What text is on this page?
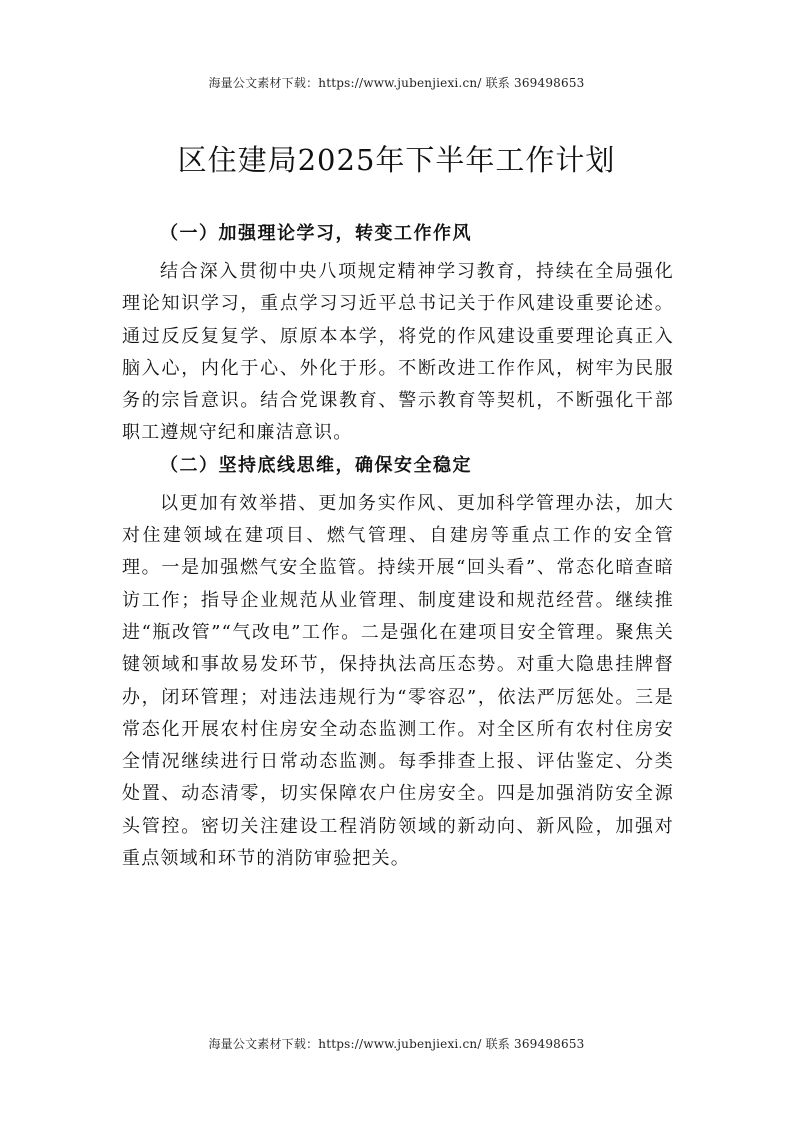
海量公文素材下载：https://www.jubenjiexi.cn/ 联系 369498653
区住建局2025年下半年工作计划

（一）加强理论学习，转变工作作风

结合深入贯彻中央八项规定精神学习教育，持续在全局强化理论知识学习，重点学习习近平总书记关于作风建设重要论述。通过反反复复学、原原本本学，将党的作风建设重要理论真正入脑入心，内化于心、外化于形。不断改进工作作风，树牢为民服务的宗旨意识。结合党课教育、警示教育等契机，不断强化干部职工遵规守纪和廉洁意识。

（二）坚持底线思维，确保安全稳定

以更加有效举措、更加务实作风、更加科学管理办法，加大对住建领域在建项目、燃气管理、自建房等重点工作的安全管理。一是加强燃气安全监管。持续开展“回头看”、常态化暗查暗访工作；指导企业规范从业管理、制度建设和规范经营。继续推进“瓶改管”“气改电”工作。二是强化在建项目安全管理。聚焦关键领域和事故易发环节，保持执法高压态势。对重大隐患挂牌督办，闭环管理；对违法违规行为“零容忍”，依法严厉惩处。三是常态化开展农村住房安全动态监测工作。对全区所有农村住房安全情况继续进行日常动态监测。每季排查上报、评估鉴定、分类处置、动态清零，切实保障农户住房安全。四是加强消防安全源头管控。密切关注建设工程消防领域的新动向、新风险，加强对重点领域和环节的消防审验把关。

海量公文素材下载：https://www.jubenjiexi.cn/ 联系 369498653
